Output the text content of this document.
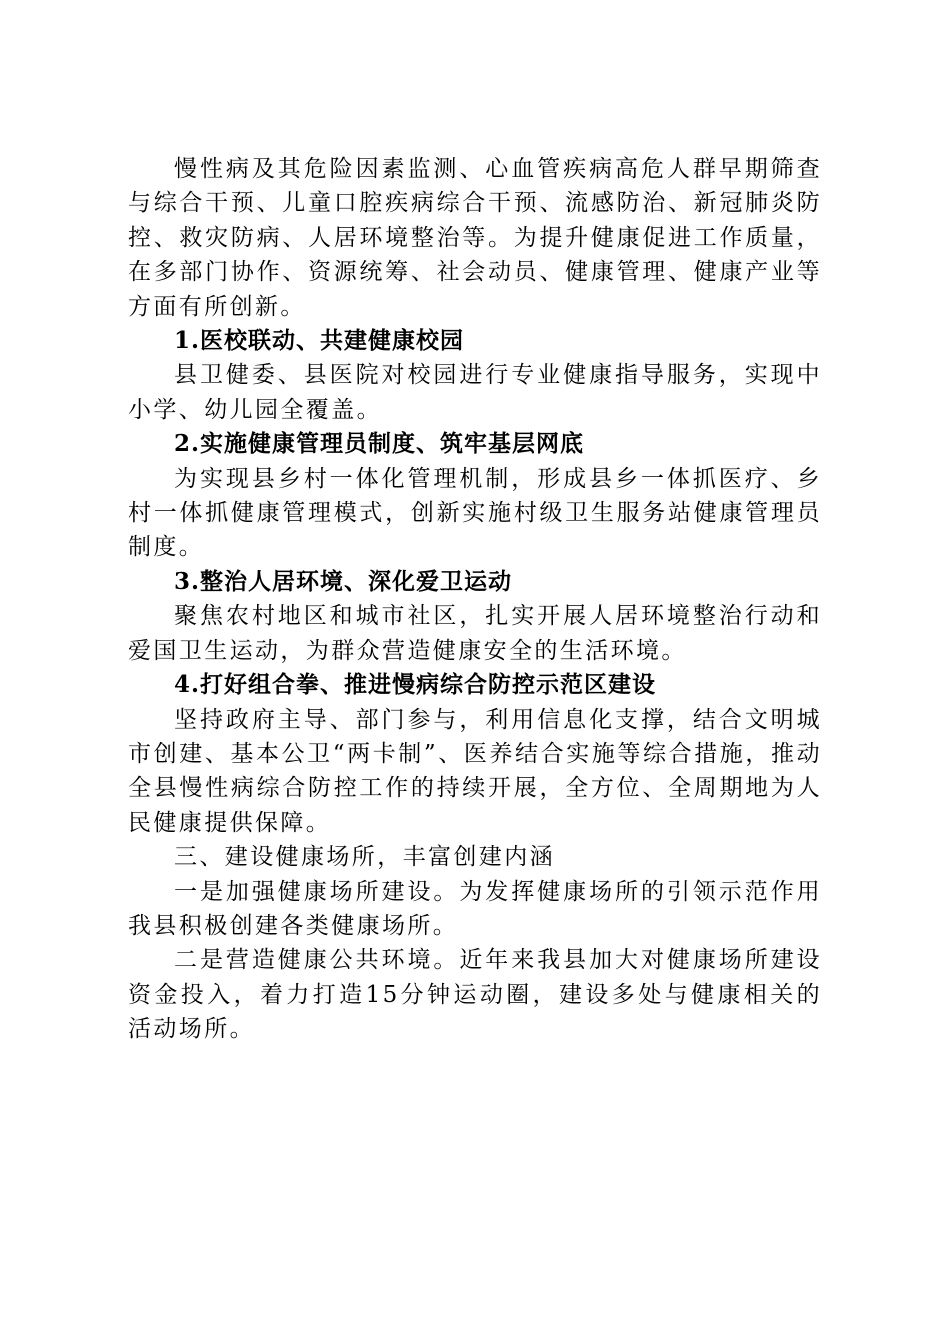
慢性病及其危险因素监测、心血管疾病高危人群早期筛查与综合干预、儿童口腔疾病综合干预、流感防治、新冠肺炎防控、救灾防病、人居环境整治等。为提升健康促进工作质量，在多部门协作、资源统筹、社会动员、健康管理、健康产业等方面有所创新。

1.医校联动、共建健康校园

县卫健委、县医院对校园进行专业健康指导服务，实现中小学、幼儿园全覆盖。

2.实施健康管理员制度、筑牢基层网底

为实现县乡村一体化管理机制，形成县乡一体抓医疗、乡村一体抓健康管理模式，创新实施村级卫生服务站健康管理员制度。

3.整治人居环境、深化爱卫运动

聚焦农村地区和城市社区，扎实开展人居环境整治行动和爱国卫生运动，为群众营造健康安全的生活环境。

4.打好组合拳、推进慢病综合防控示范区建设

坚持政府主导、部门参与，利用信息化支撑，结合文明城市创建、基本公卫“两卡制”、医养结合实施等综合措施，推动全县慢性病综合防控工作的持续开展，全方位、全周期地为人民健康提供保障。

三、建设健康场所，丰富创建内涵

一是加强健康场所建设。为发挥健康场所的引领示范作用我县积极创建各类健康场所。

二是营造健康公共环境。近年来我县加大对健康场所建设资金投入，着力打造15分钟运动圈，建设多处与健康相关的活动场所。
